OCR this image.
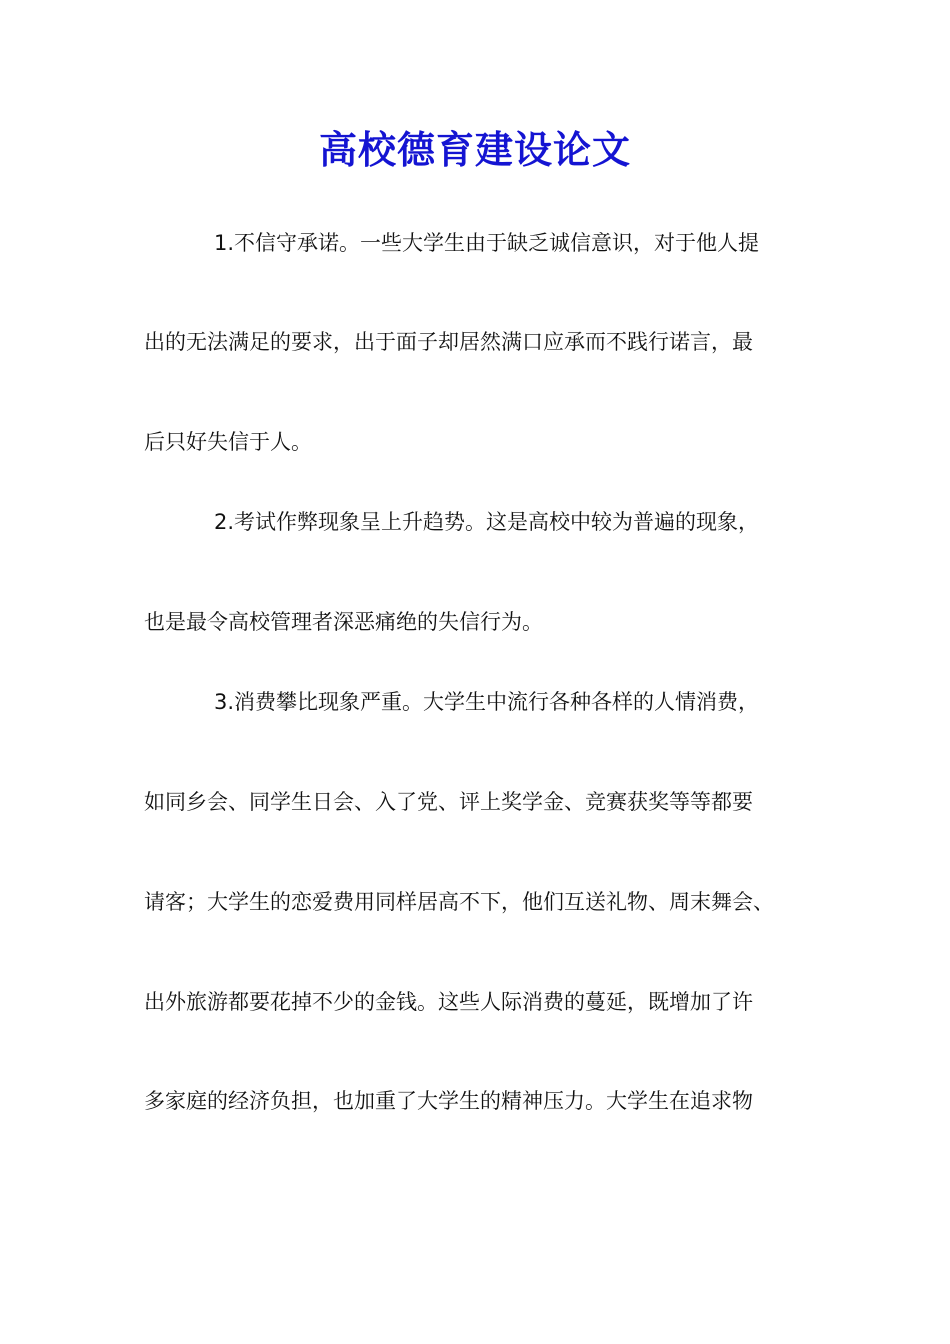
高校德育建设论文
1.不信守承诺。一些大学生由于缺乏诚信意识，对于他人提
出的无法满足的要求，出于面子却居然满口应承而不践行诺言，最
后只好失信于人。
2.考试作弊现象呈上升趋势。这是高校中较为普遍的现象，
也是最令高校管理者深恶痛绝的失信行为。
3.消费攀比现象严重。大学生中流行各种各样的人情消费，
如同乡会、同学生日会、入了党、评上奖学金、竞赛获奖等等都要
请客；大学生的恋爱费用同样居高不下，他们互送礼物、周末舞会、
出外旅游都要花掉不少的金钱。这些人际消费的蔓延，既增加了许
多家庭的经济负担，也加重了大学生的精神压力。大学生在追求物
